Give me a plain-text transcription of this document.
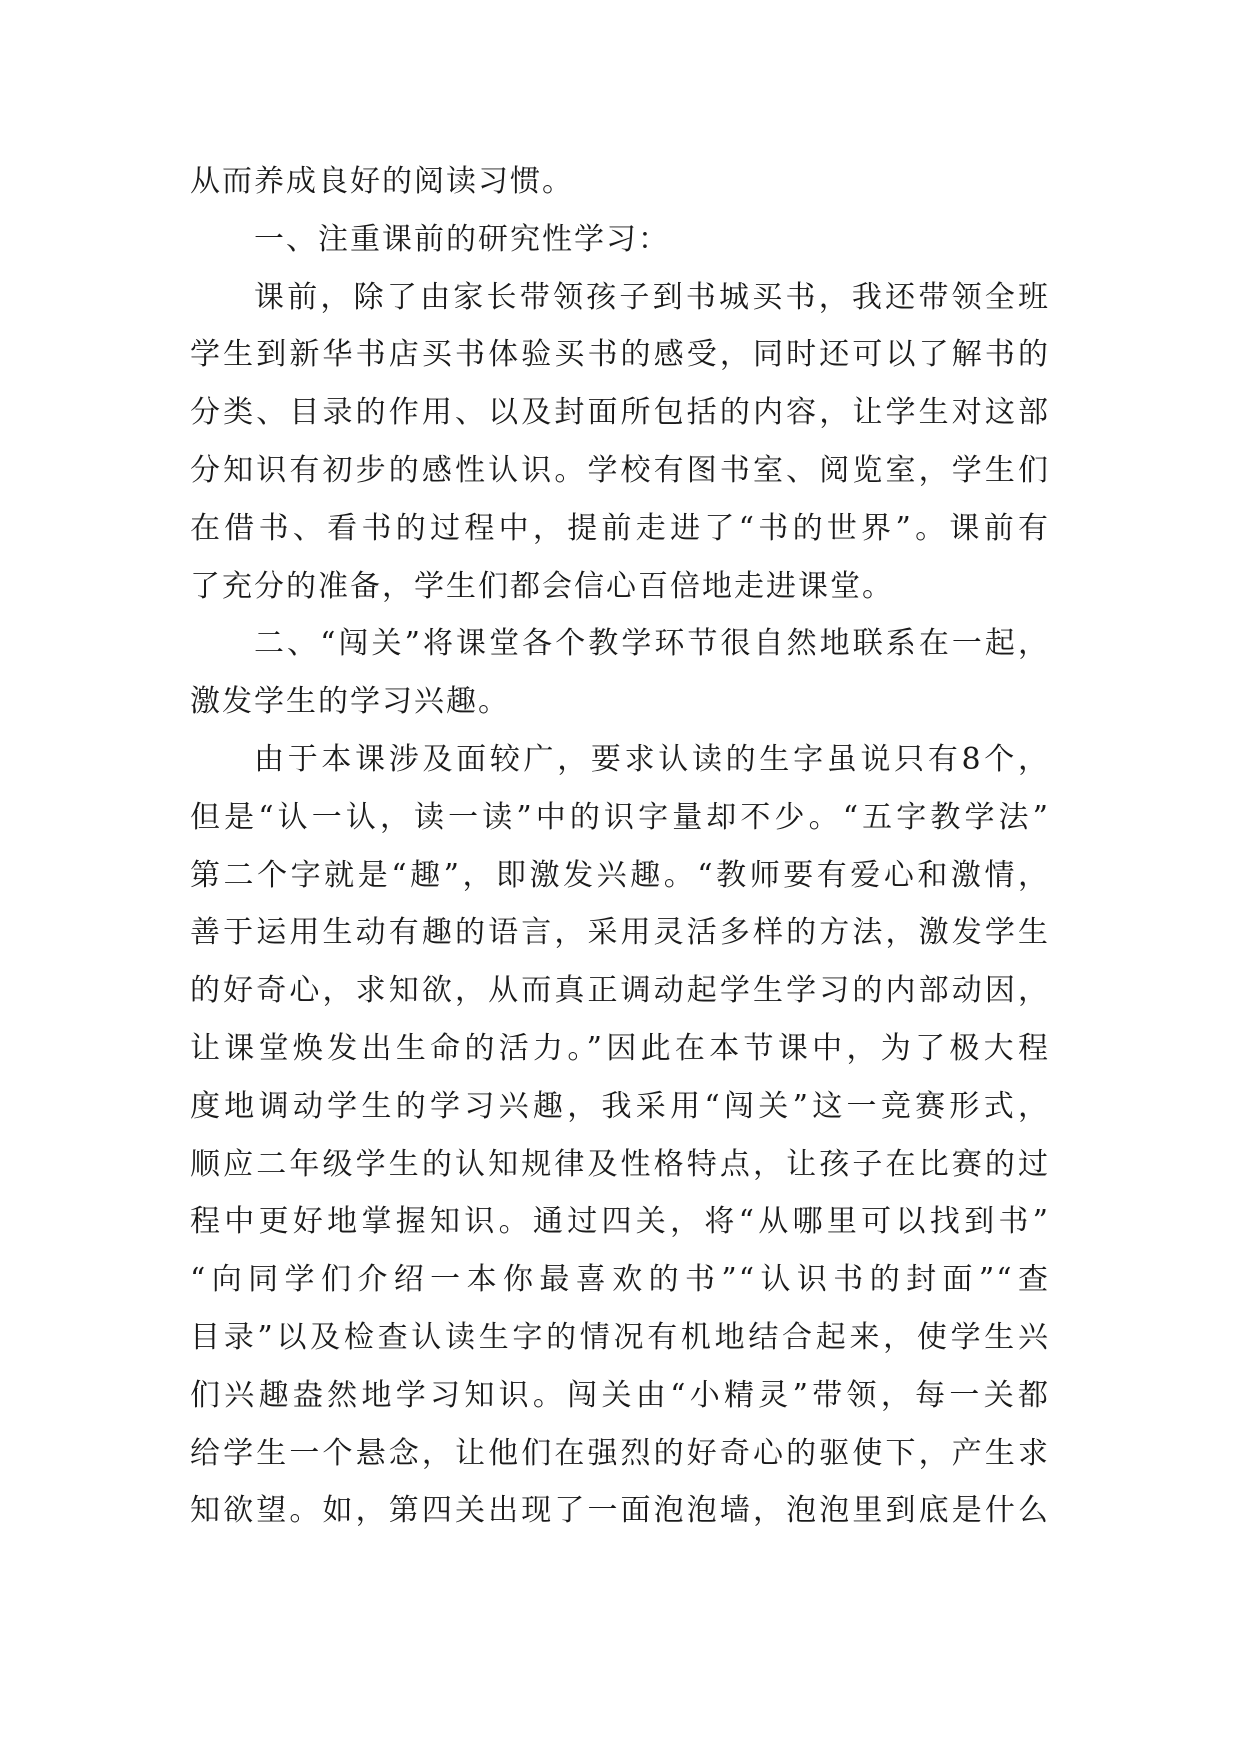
从而养成良好的阅读习惯。
一、注重课前的研究性学习：
课前，除了由家长带领孩子到书城买书，我还带领全班
学生到新华书店买书体验买书的感受，同时还可以了解书的
分类、目录的作用、以及封面所包括的内容，让学生对这部
分知识有初步的感性认识。学校有图书室、阅览室，学生们
在借书、看书的过程中，提前走进了“书的世界”。课前有
了充分的准备，学生们都会信心百倍地走进课堂。
二、“闯关”将课堂各个教学环节很自然地联系在一起，
激发学生的学习兴趣。
由于本课涉及面较广，要求认读的生字虽说只有8个，
但是“认一认，读一读”中的识字量却不少。“五字教学法”
第二个字就是“趣”，即激发兴趣。“教师要有爱心和激情，
善于运用生动有趣的语言，采用灵活多样的方法，激发学生
的好奇心，求知欲，从而真正调动起学生学习的内部动因，
让课堂焕发出生命的活力。”因此在本节课中，为了极大程
度地调动学生的学习兴趣，我采用“闯关”这一竞赛形式，
顺应二年级学生的认知规律及性格特点，让孩子在比赛的过
程中更好地掌握知识。通过四关，将“从哪里可以找到书”
“向同学们介绍一本你最喜欢的书”“认识书的封面”“查
目录”以及检查认读生字的情况有机地结合起来，使学生兴
们兴趣盎然地学习知识。闯关由“小精灵”带领，每一关都
给学生一个悬念，让他们在强烈的好奇心的驱使下，产生求
知欲望。如，第四关出现了一面泡泡墙，泡泡里到底是什么
